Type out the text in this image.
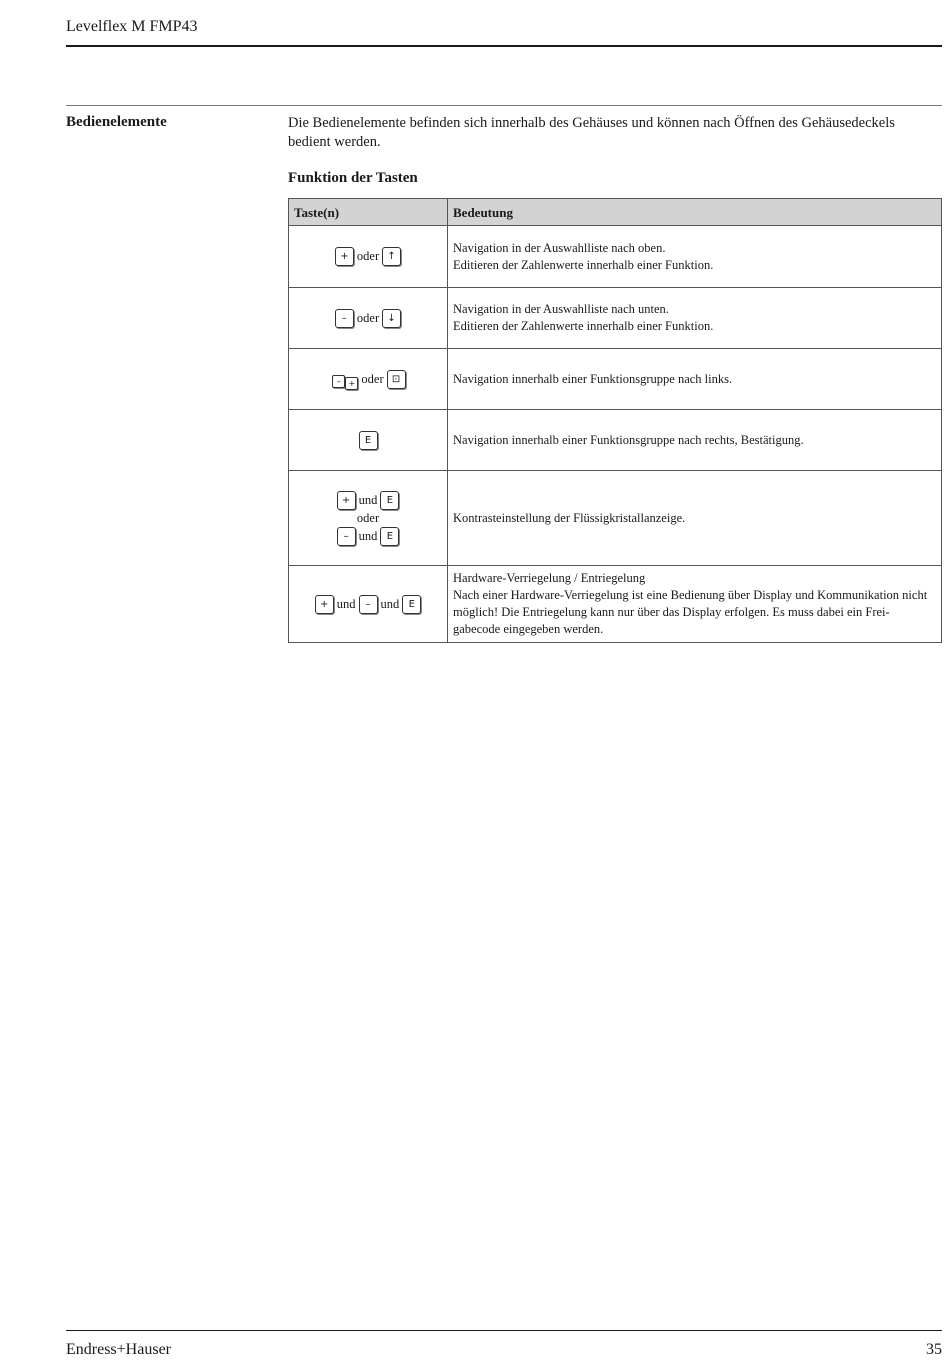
Levelflex M FMP43
Bedienelemente	Die Bedienelemente befinden sich innerhalb des Gehäuses und können nach Öffnen des Gehäusedeckels bedient werden.
Funktion der Tasten
Taste(n)	Bedeutung
+ oder ↑	Navigation in der Auswahlliste nach oben.
Editieren der Zahlenwerte innerhalb einer Funktion.

– oder ↓	Navigation in der Auswahlliste nach unten.
Editieren der Zahlenwerte innerhalb einer Funktion.

– + oder ⊡	Navigation innerhalb einer Funktionsgruppe nach links.

E	Navigation innerhalb einer Funktionsgruppe nach rechts, Bestätigung.

+ und E
oder
– und E	Kontrasteinstellung der Flüssigkristallanzeige.

+ und – und E	Hardware-Verriegelung / Entriegelung
Nach einer Hardware-Verriegelung ist eine Bedienung über Display und Kommunikation nicht möglich! Die Entriegelung kann nur über das Display erfolgen. Es muss dabei ein Frei-gabecode eingegeben werden.
Endress+Hauser	35
